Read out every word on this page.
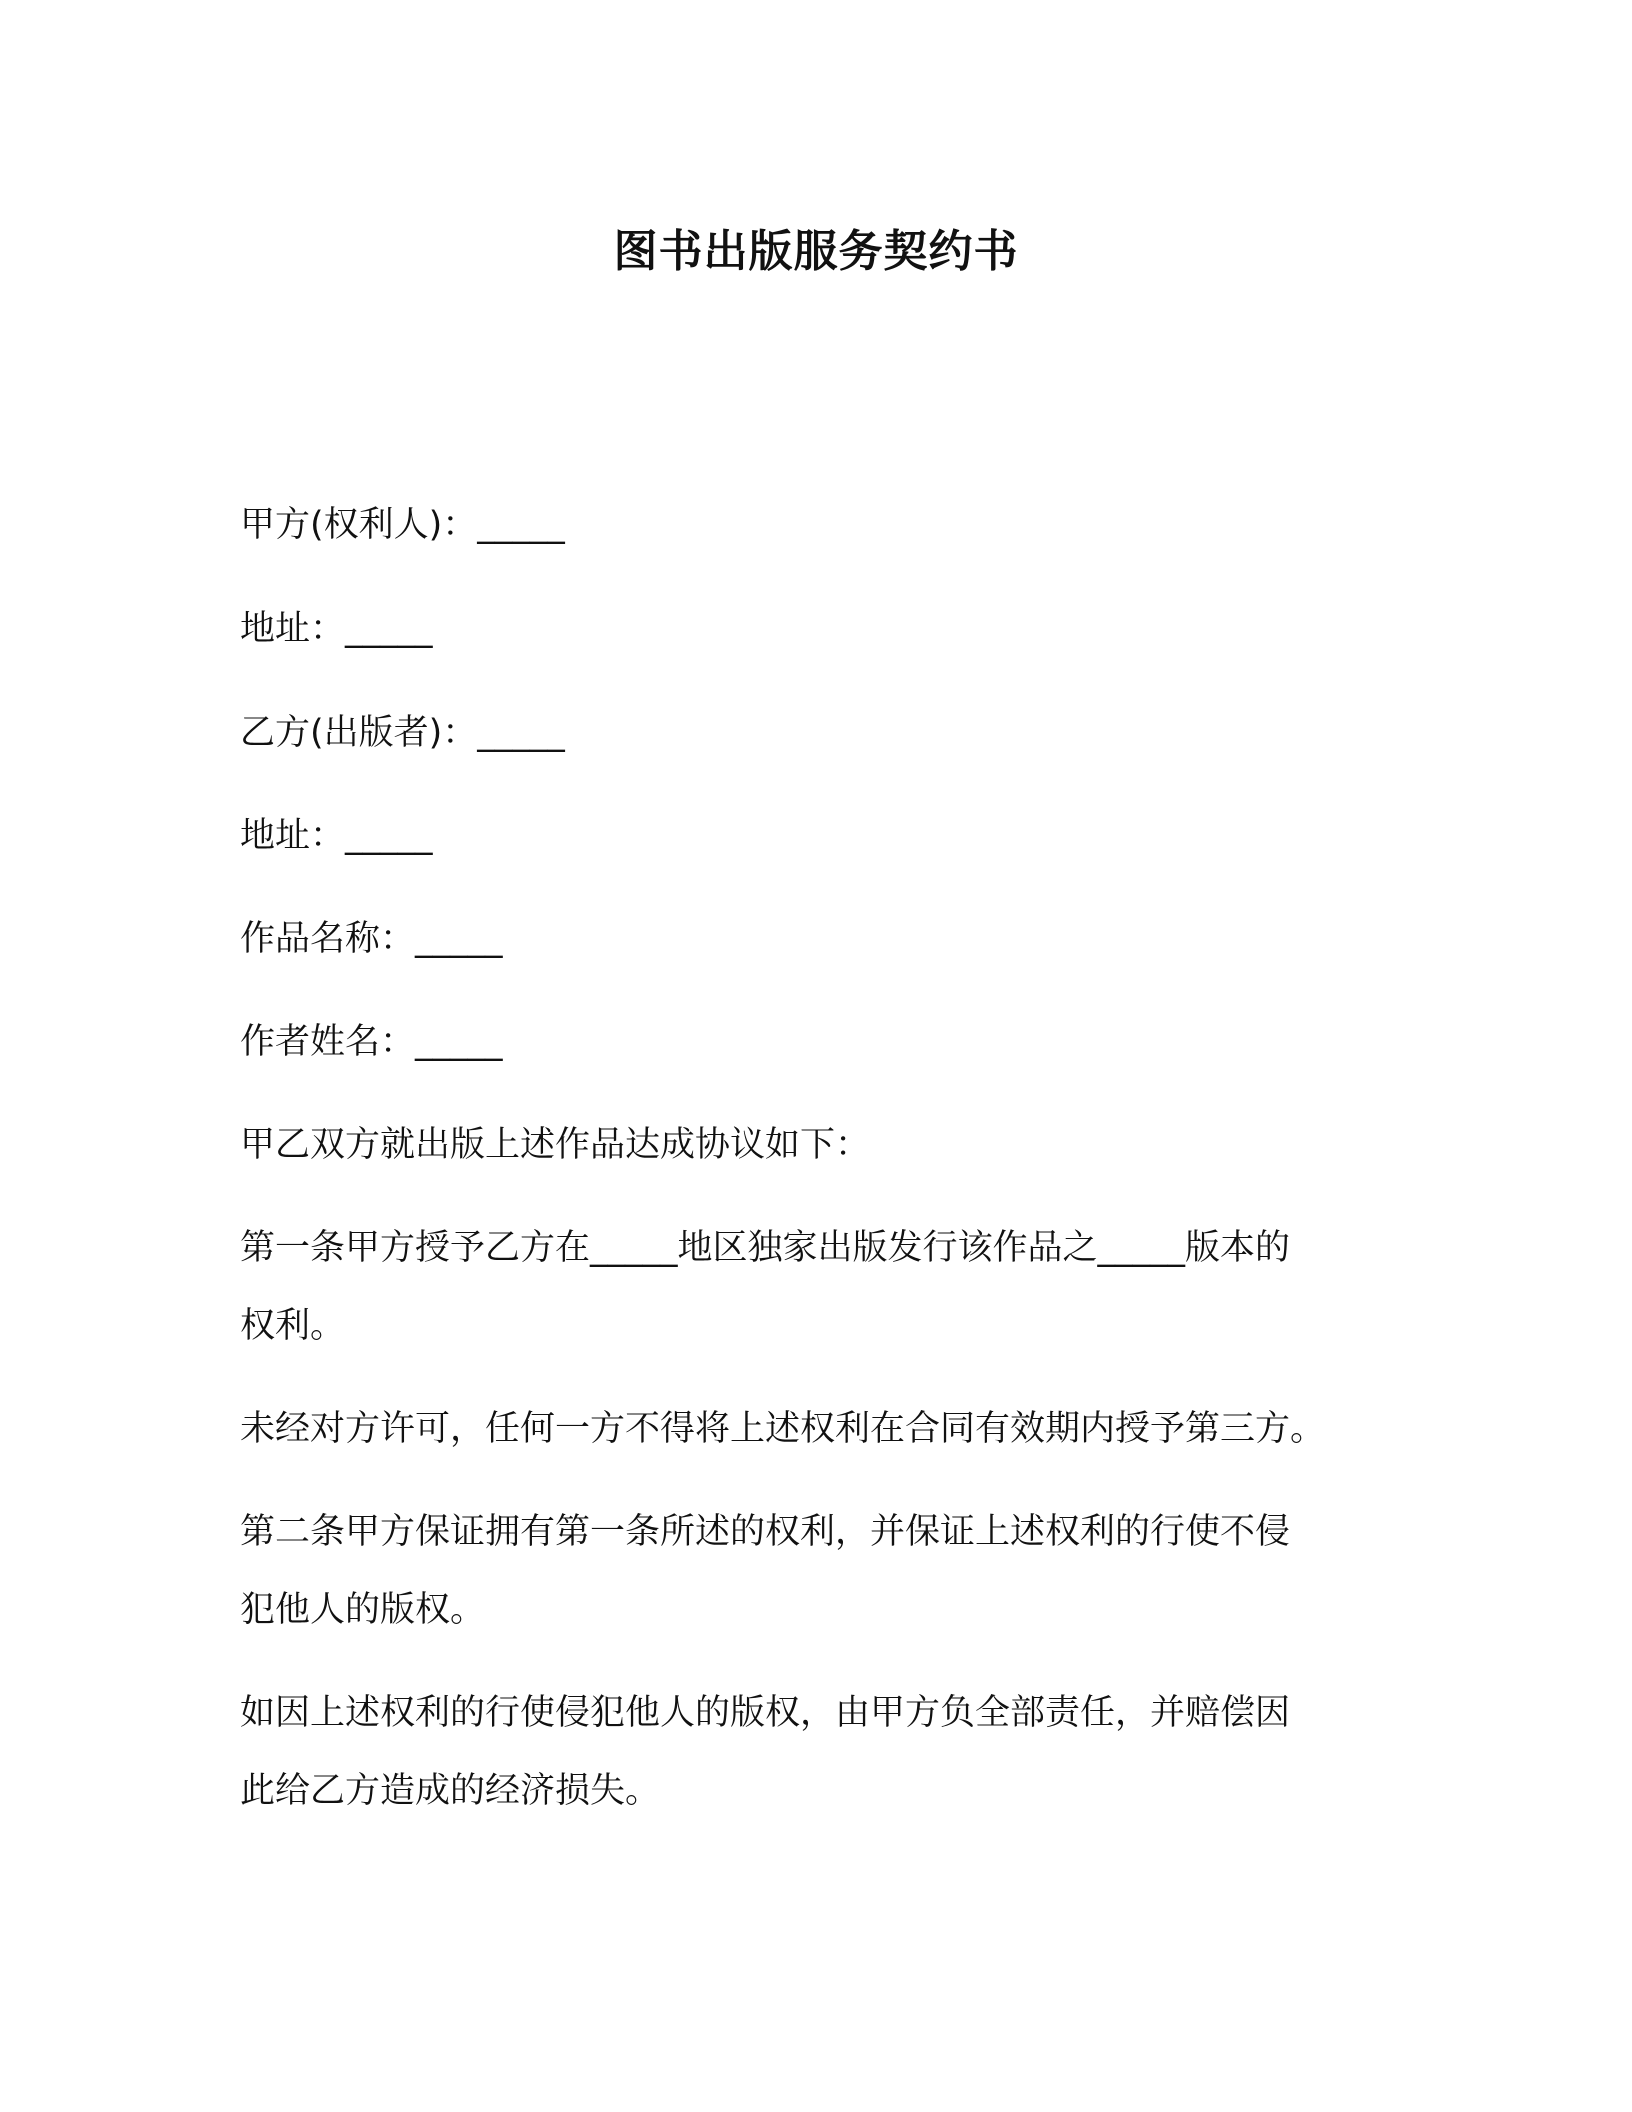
图书出版服务契约书

甲方(权利人)：_____

地址：_____

乙方(出版者)：_____

地址：_____

作品名称：_____

作者姓名：_____

甲乙双方就出版上述作品达成协议如下：

第一条甲方授予乙方在_____地区独家出版发行该作品之_____版本的

权利。

未经对方许可，任何一方不得将上述权利在合同有效期内授予第三方。

第二条甲方保证拥有第一条所述的权利，并保证上述权利的行使不侵

犯他人的版权。

如因上述权利的行使侵犯他人的版权，由甲方负全部责任，并赔偿因

此给乙方造成的经济损失。
